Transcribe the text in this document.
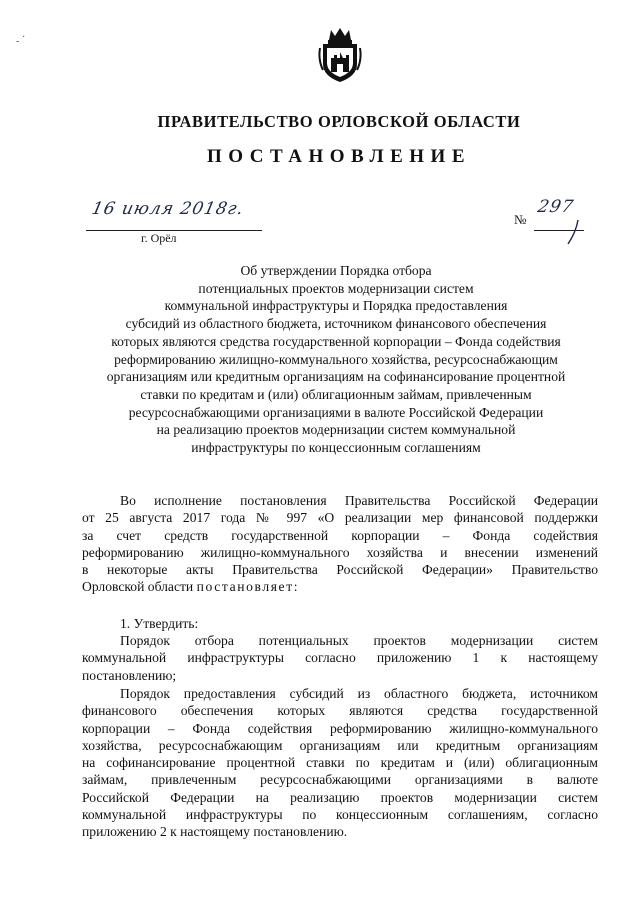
·
-
ПРАВИТЕЛЬСТВО ОРЛОВСКОЙ ОБЛАСТИ
ПОСТАНОВЛЕНИЕ
16 июля 2018г.
г. Орёл
№
297
Об утверждении Порядка отбора
потенциальных проектов модернизации систем
коммунальной инфраструктуры и Порядка предоставления
субсидий из областного бюджета, источником финансового обеспечения
которых являются средства государственной корпорации – Фонда содействия
реформированию жилищно-коммунального хозяйства, ресурсоснабжающим
организациям или кредитным организациям на софинансирование процентной
ставки по кредитам и (или) облигационным займам, привлеченным
ресурсоснабжающими организациями в валюте Российской Федерации
на реализацию проектов модернизации систем коммунальной
инфраструктуры по концессионным соглашениям
Во исполнение постановления Правительства Российской Федерации
от 25 августа 2017 года № 997 «О реализации мер финансовой поддержки
за счет средств государственной корпорации – Фонда содействия
реформированию жилищно-коммунального хозяйства и внесении изменений
в некоторые акты Правительства Российской Федерации» Правительство
Орловской области постановляет:
1. Утвердить:
Порядок отбора потенциальных проектов модернизации систем
коммунальной инфраструктуры согласно приложению 1 к настоящему
постановлению;
Порядок предоставления субсидий из областного бюджета, источником
финансового обеспечения которых являются средства государственной
корпорации – Фонда содействия реформированию жилищно-коммунального
хозяйства, ресурсоснабжающим организациям или кредитным организациям
на софинансирование процентной ставки по кредитам и (или) облигационным
займам, привлеченным ресурсоснабжающими организациями в валюте
Российской Федерации на реализацию проектов модернизации систем
коммунальной инфраструктуры по концессионным соглашениям, согласно
приложению 2 к настоящему постановлению.
